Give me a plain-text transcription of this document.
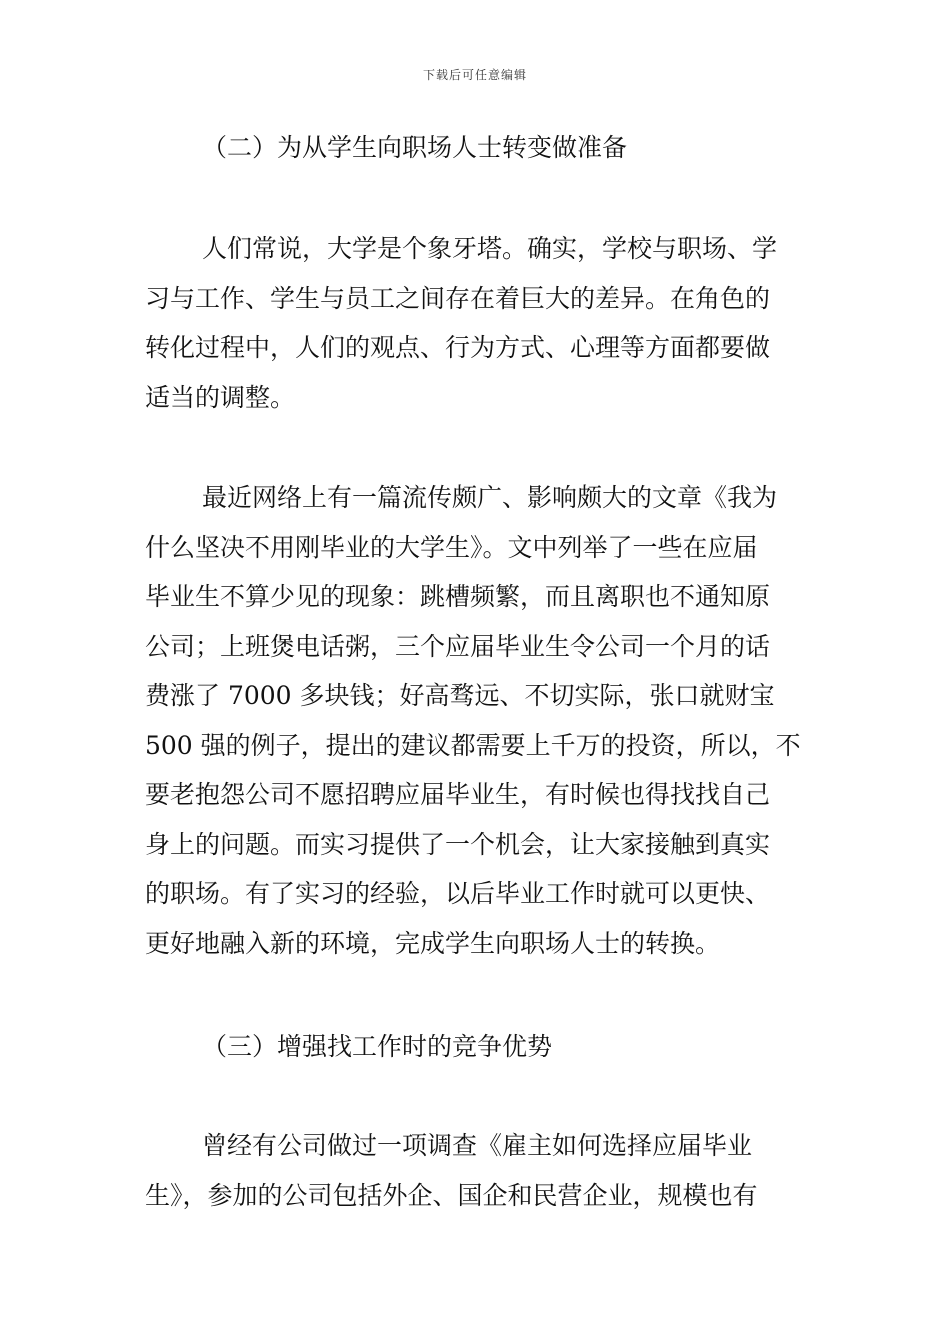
下载后可任意编辑
（二）为从学生向职场人士转变做准备
人们常说，大学是个象牙塔。确实，学校与职场、学
习与工作、学生与员工之间存在着巨大的差异。在角色的
转化过程中，人们的观点、行为方式、心理等方面都要做
适当的调整。
最近网络上有一篇流传颇广、影响颇大的文章《我为
什么坚决不用刚毕业的大学生》。文中列举了一些在应届
毕业生不算少见的现象：跳槽频繁，而且离职也不通知原
公司；上班煲电话粥，三个应届毕业生令公司一个月的话
费涨了 7000 多块钱；好高骛远、不切实际，张口就财宝
500 强的例子，提出的建议都需要上千万的投资，所以，不
要老抱怨公司不愿招聘应届毕业生，有时候也得找找自己
身上的问题。而实习提供了一个机会，让大家接触到真实
的职场。有了实习的经验，以后毕业工作时就可以更快、
更好地融入新的环境，完成学生向职场人士的转换。
（三）增强找工作时的竞争优势
曾经有公司做过一项调查《雇主如何选择应届毕业
生》，参加的公司包括外企、国企和民营企业，规模也有
